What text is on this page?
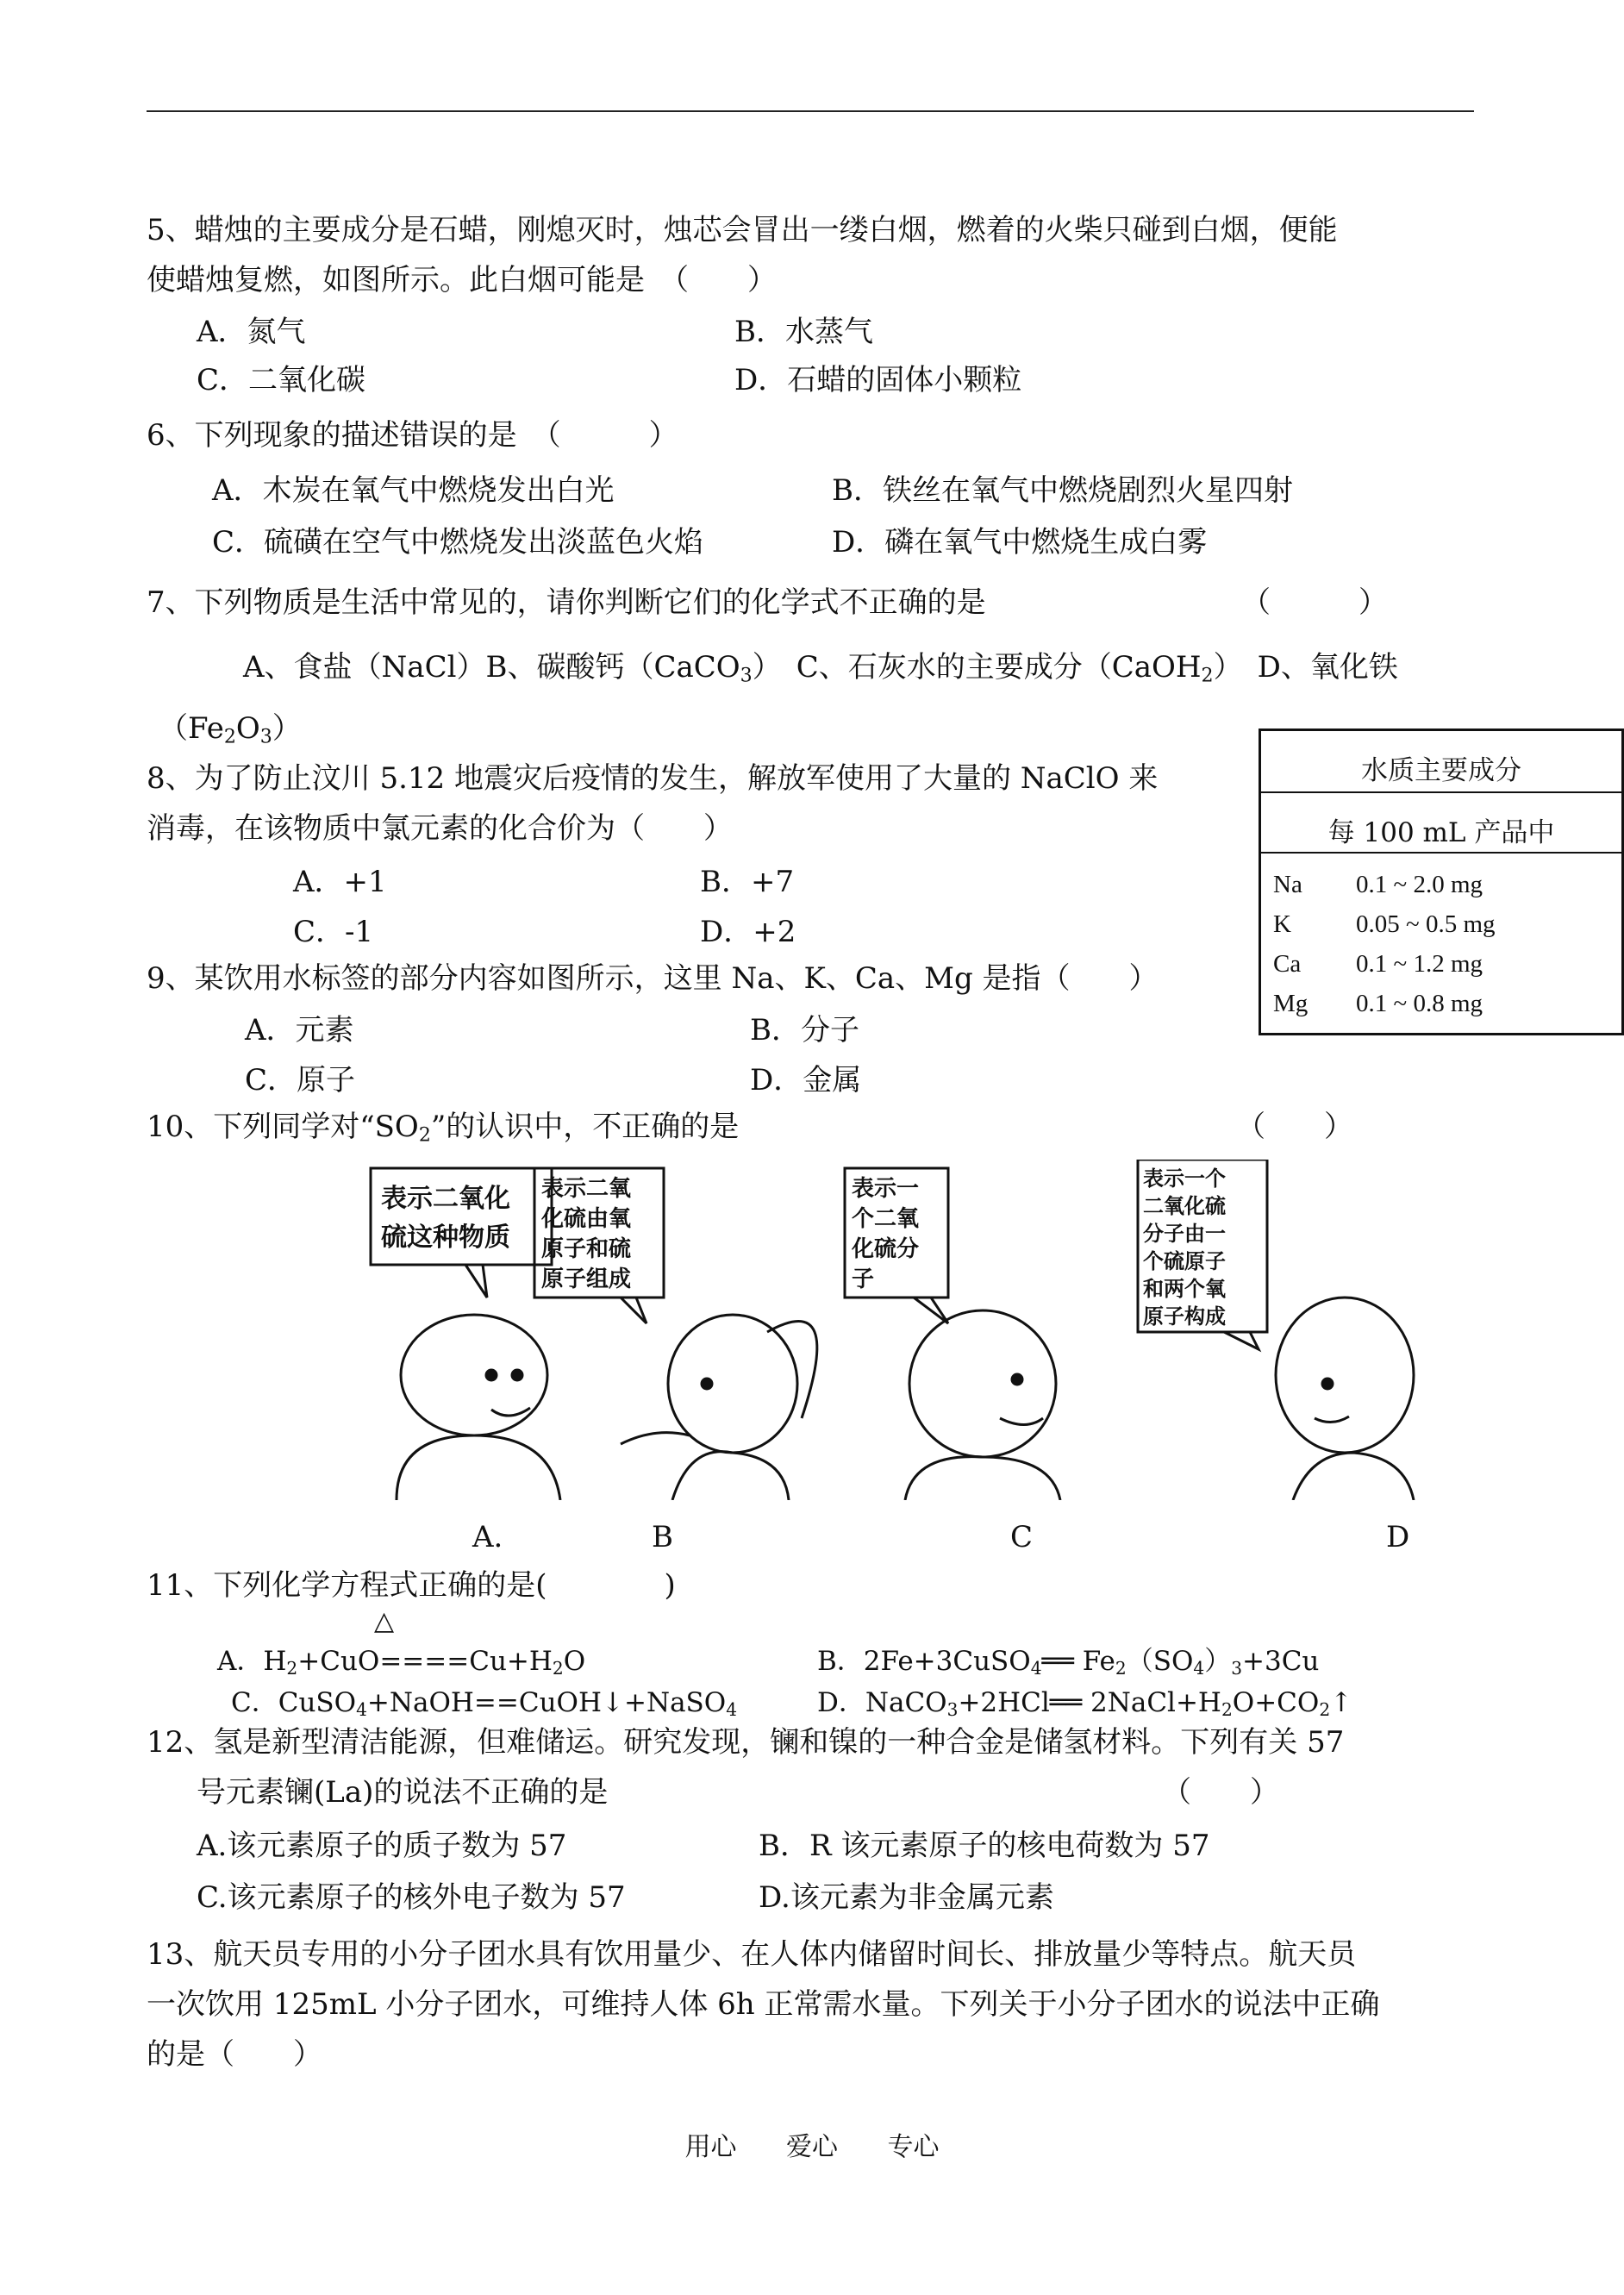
5、蜡烛的主要成分是石蜡，刚熄灭时，烛芯会冒出一缕白烟，燃着的火柴只碰到白烟，便能
使蜡烛复燃，如图所示。此白烟可能是　（　　）
A．氮气	B．水蒸气
C．二氧化碳	D．石蜡的固体小颗粒
6、下列现象的描述错误的是　（　　　）
A．木炭在氧气中燃烧发出白光	B．铁丝在氧气中燃烧剧烈火星四射
C．硫磺在空气中燃烧发出淡蓝色火焰	D．磷在氧气中燃烧生成白雾
7、下列物质是生活中常见的，请你判断它们的化学式不正确的是	（　　　）
A、食盐（NaCl）B、碳酸钙（CaCO$_3$）　 C、石灰水的主要成分（CaOH$_2$）　 D、氧化铁
$(Fe_2O_3)$
8、为了防止汶川 5.12 地震灾后疫情的发生，解放军使用了大量的 NaClO 来
消毒，在该物质中氯元素的化合价为（　　）
A．+1	B．+7
C．-1	D．+2
水质主要成分
每 100 mL 产品中
Na 0.1 ~ 2.0 mg
K	0.05 ~ 0.5 mg
Ca 0.1 ~ 1.2 mg
Mg 0.1 ~ 0.8 mg
9、某饮用水标签的部分内容如图所示，这里 Na、K、Ca、Mg 是指（　　）
A．元素	B．分子
C．原子	D．金属
10、下列同学对“$SO_2$”的认识中，不正确的是	（　　）
表示二氧化
硫这种物质
表示二氧
化硫由氧
原子和硫
原子组成
表示一
个二氧
化硫分
子
表示一个
二氧化硫
分子由一
个硫原子
和两个氧
原子构成
A.	B	C	D
11、下列化学方程式正确的是(　　　　)
△
A．$H_2+CuO====Cu+H_2O$	B．2Fe+3CuSO$_4$══ $Fe_2(SO_4)_3+3Cu$
C．CuSO$_4$+NaOH==CuOH↓+NaSO$_4$	D．NaCO$_3$+2HCl══ $2NaCl+H_2O+CO_2↑$
12、氢是新型清洁能源，但难储运。研究发现，镧和镍的一种合金是储氢材料。下列有关 57
号元素镧(La)的说法不正确的是	（　　）
A.该元素原子的质子数为 57	B．R 该元素原子的核电荷数为 57
C.该元素原子的核外电子数为 57	D.该元素为非金属元素
13、航天员专用的小分子团水具有饮用量少、在人体内储留时间长、排放量少等特点。航天员
一次饮用 125mL 小分子团水，可维持人体 6h 正常需水量。下列关于小分子团水的说法中正确
的是（　　）
用心 爱心 专心
